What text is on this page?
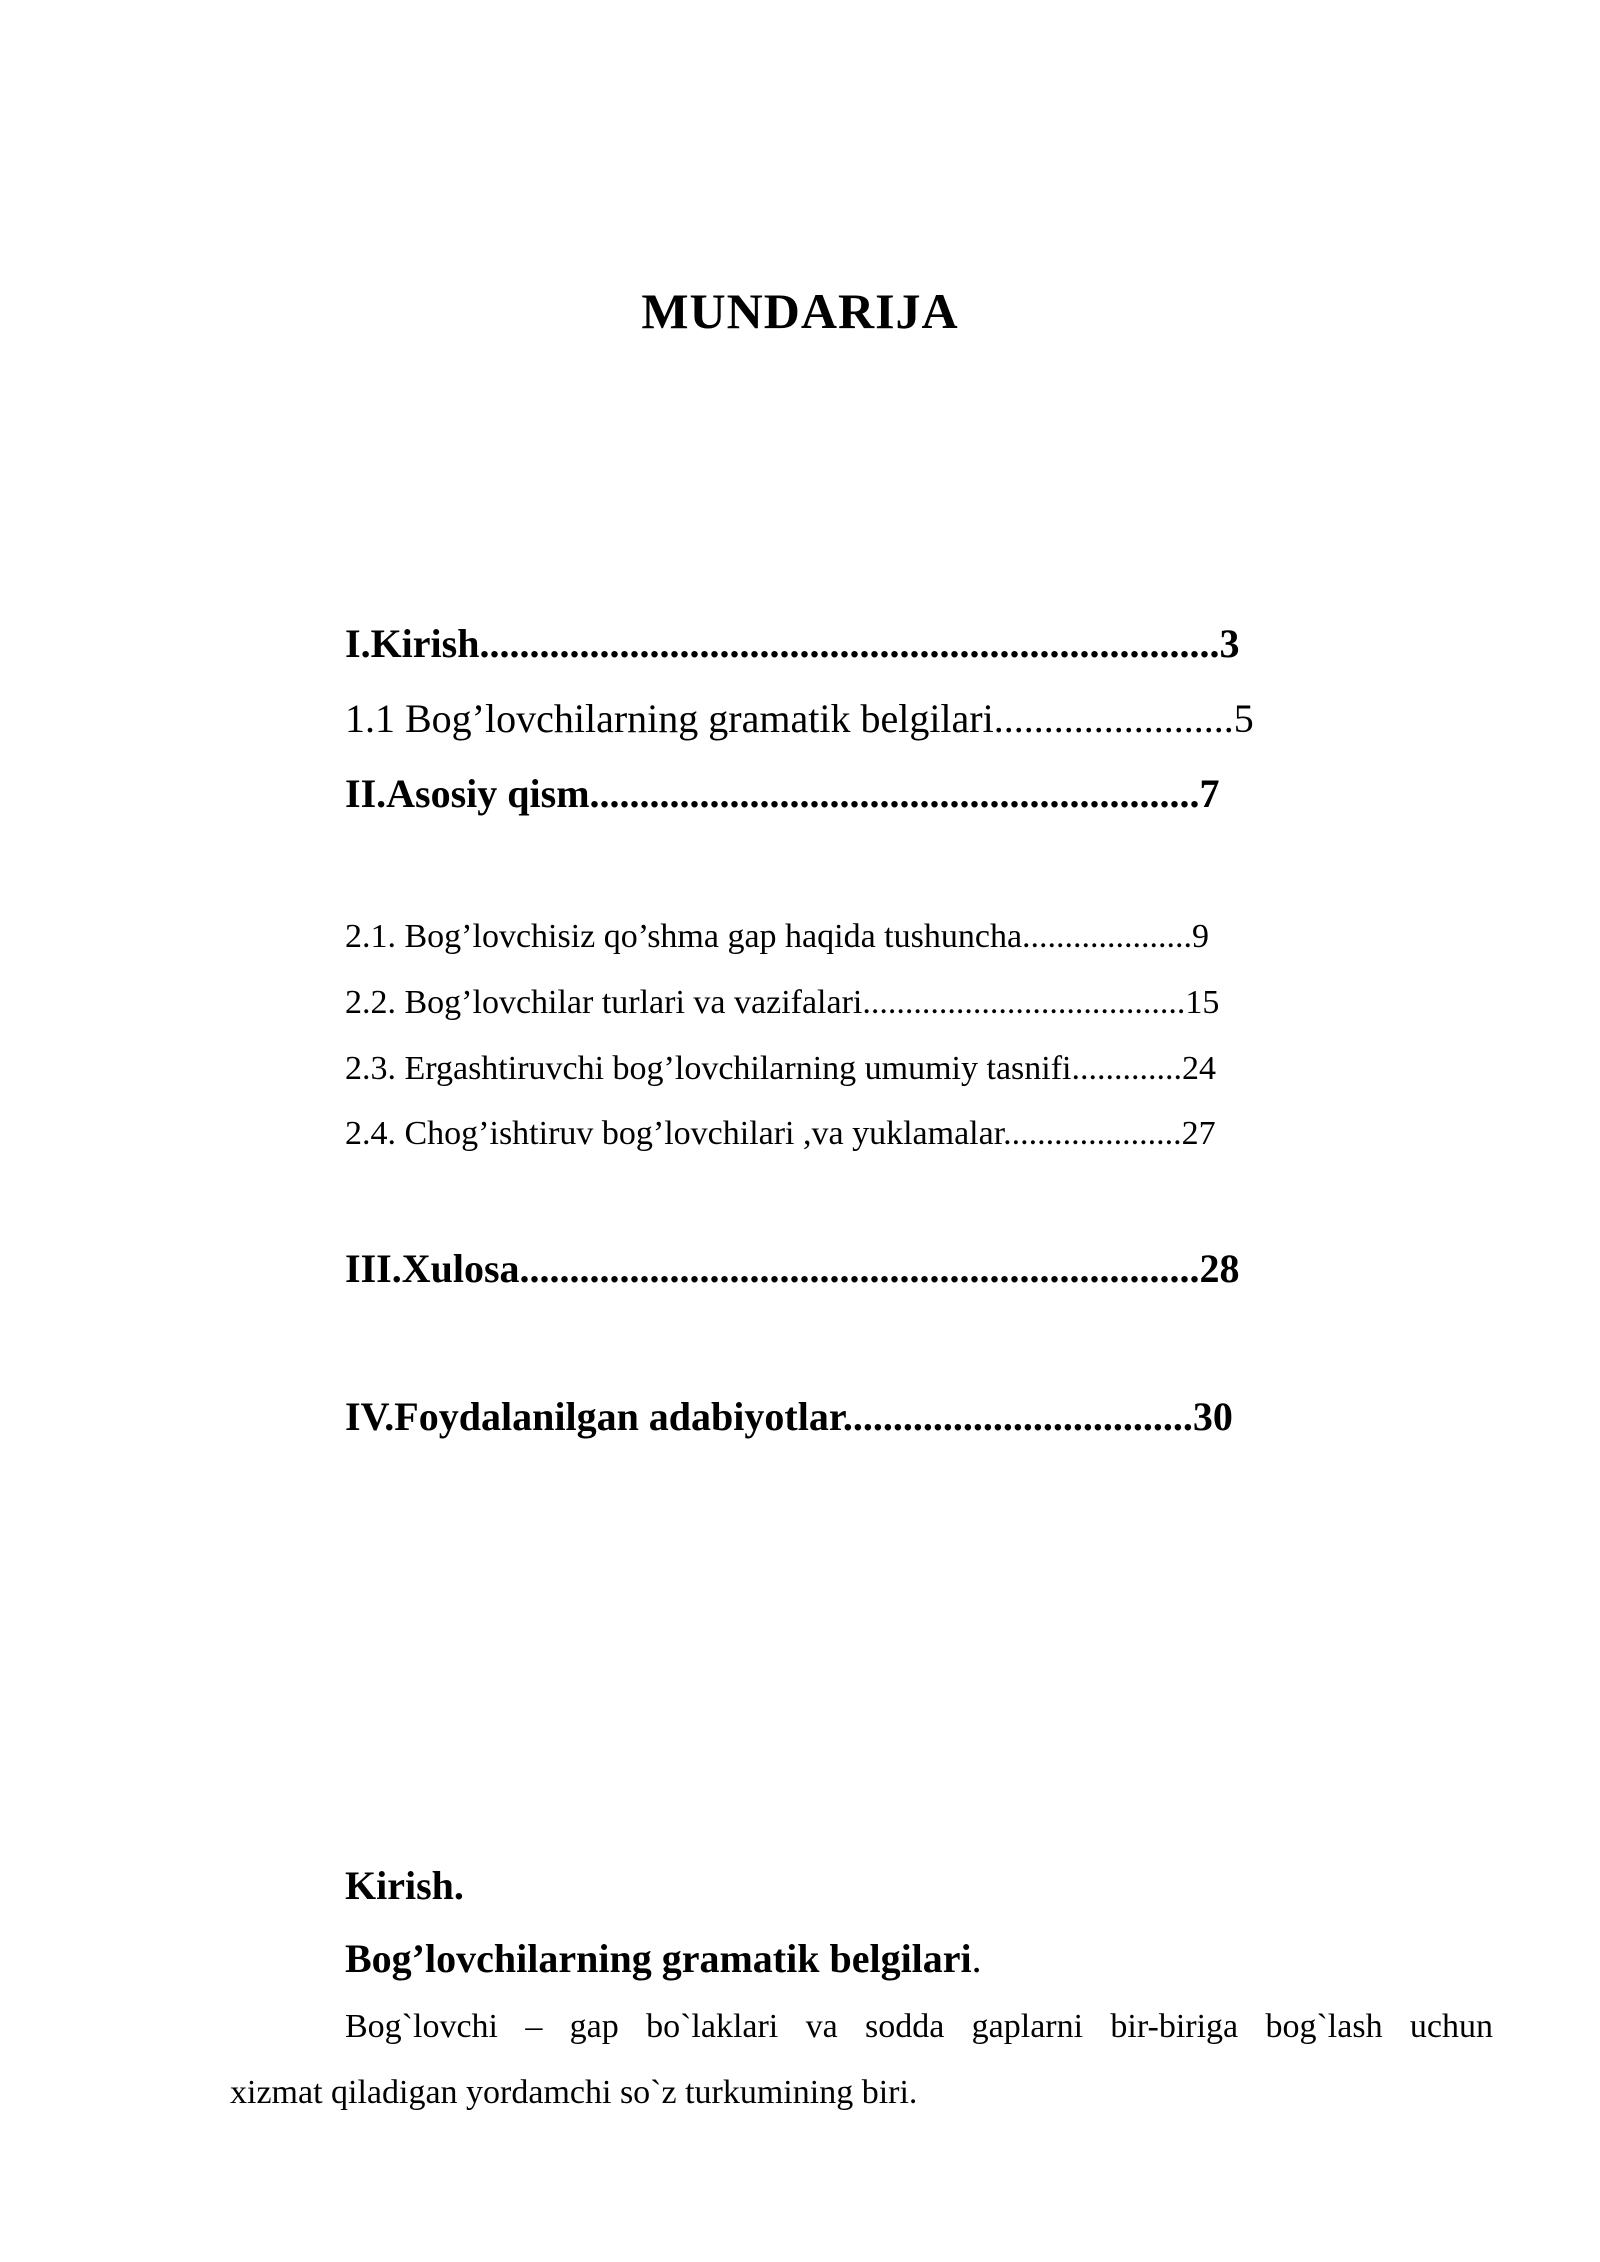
MUNDARIJA
I.Kirish..........................................................................3
1.1 Bog’lovchilarning gramatik belgilari........................5
II.Asosiy qism.............................................................7
2.1. Bog’lovchisiz qo’shma gap haqida tushuncha....................9
2.2. Bog’lovchilar turlari va vazifalari......................................15
2.3. Ergashtiruvchi bog’lovchilarning umumiy tasnifi.............24
2.4. Chog’ishtiruv bog’lovchilari ,va yuklamalar.....................27
III.Xulosa....................................................................28
IV.Foydalanilgan adabiyotlar...................................30
Kirish.
Bog’lovchilarning gramatik belgilari.
Bog`lovchi – gap bo`laklari va sodda gaplarni bir-biriga bog`lash uchun
xizmat qiladigan yordamchi so`z turkumining biri.
